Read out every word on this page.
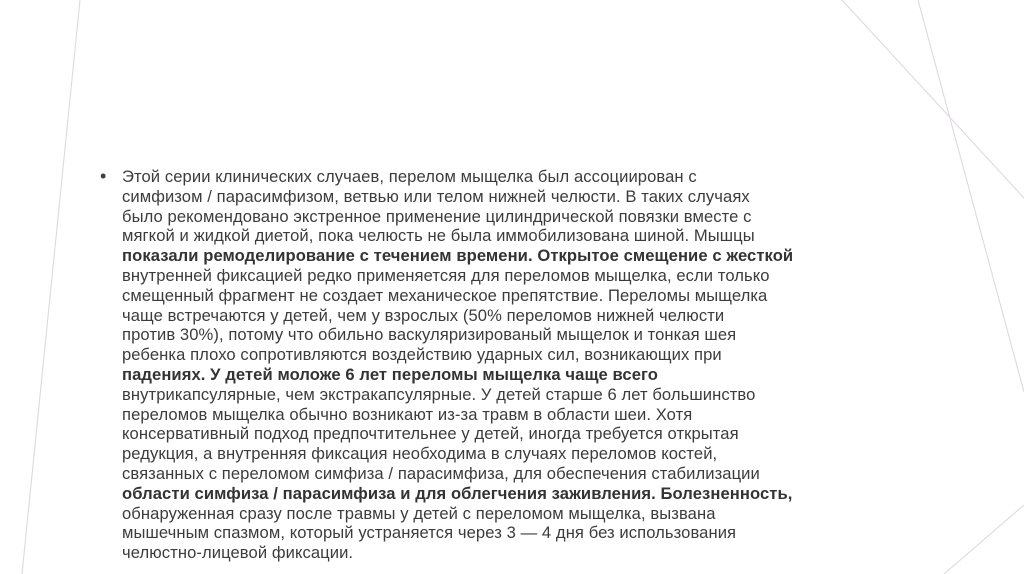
• Этой серии клинических случаев, перелом мыщелка был ассоциирован с
симфизом / парасимфизом, ветвью или телом нижней челюсти. В таких случаях
было рекомендовано экстренное применение цилиндрической повязки вместе с
мягкой и жидкой диетой, пока челюсть не была иммобилизована шиной. Мышцы
показали ремоделирование с течением времени. Открытое смещение с жесткой
внутренней фиксацией редко применяетсяя для переломов мыщелка, если только
смещенный фрагмент не создает механическое препятствие. Переломы мыщелка
чаще встречаются у детей, чем у взрослых (50% переломов нижней челюсти
против 30%), потому что обильно васкуляризированый мыщелок и тонкая шея
ребенка плохо сопротивляются воздействию ударных сил, возникающих при
падениях. У детей моложе 6 лет переломы мыщелка чаще всего
внутрикапсулярные, чем экстракапсулярные. У детей старше 6 лет большинство
переломов мыщелка обычно возникают из-за травм в области шеи. Хотя
консервативный подход предпочтительнее у детей, иногда требуется открытая
редукция, а внутренняя фиксация необходима в случаях переломов костей,
связанных с переломом симфиза / парасимфиза, для обеспечения стабилизации
области симфиза / парасимфиза и для облегчения заживления. Болезненность,
обнаруженная сразу после травмы у детей с переломом мыщелка, вызвана
мышечным спазмом, который устраняется через 3 — 4 дня без использования
челюстно-лицевой фиксации.
